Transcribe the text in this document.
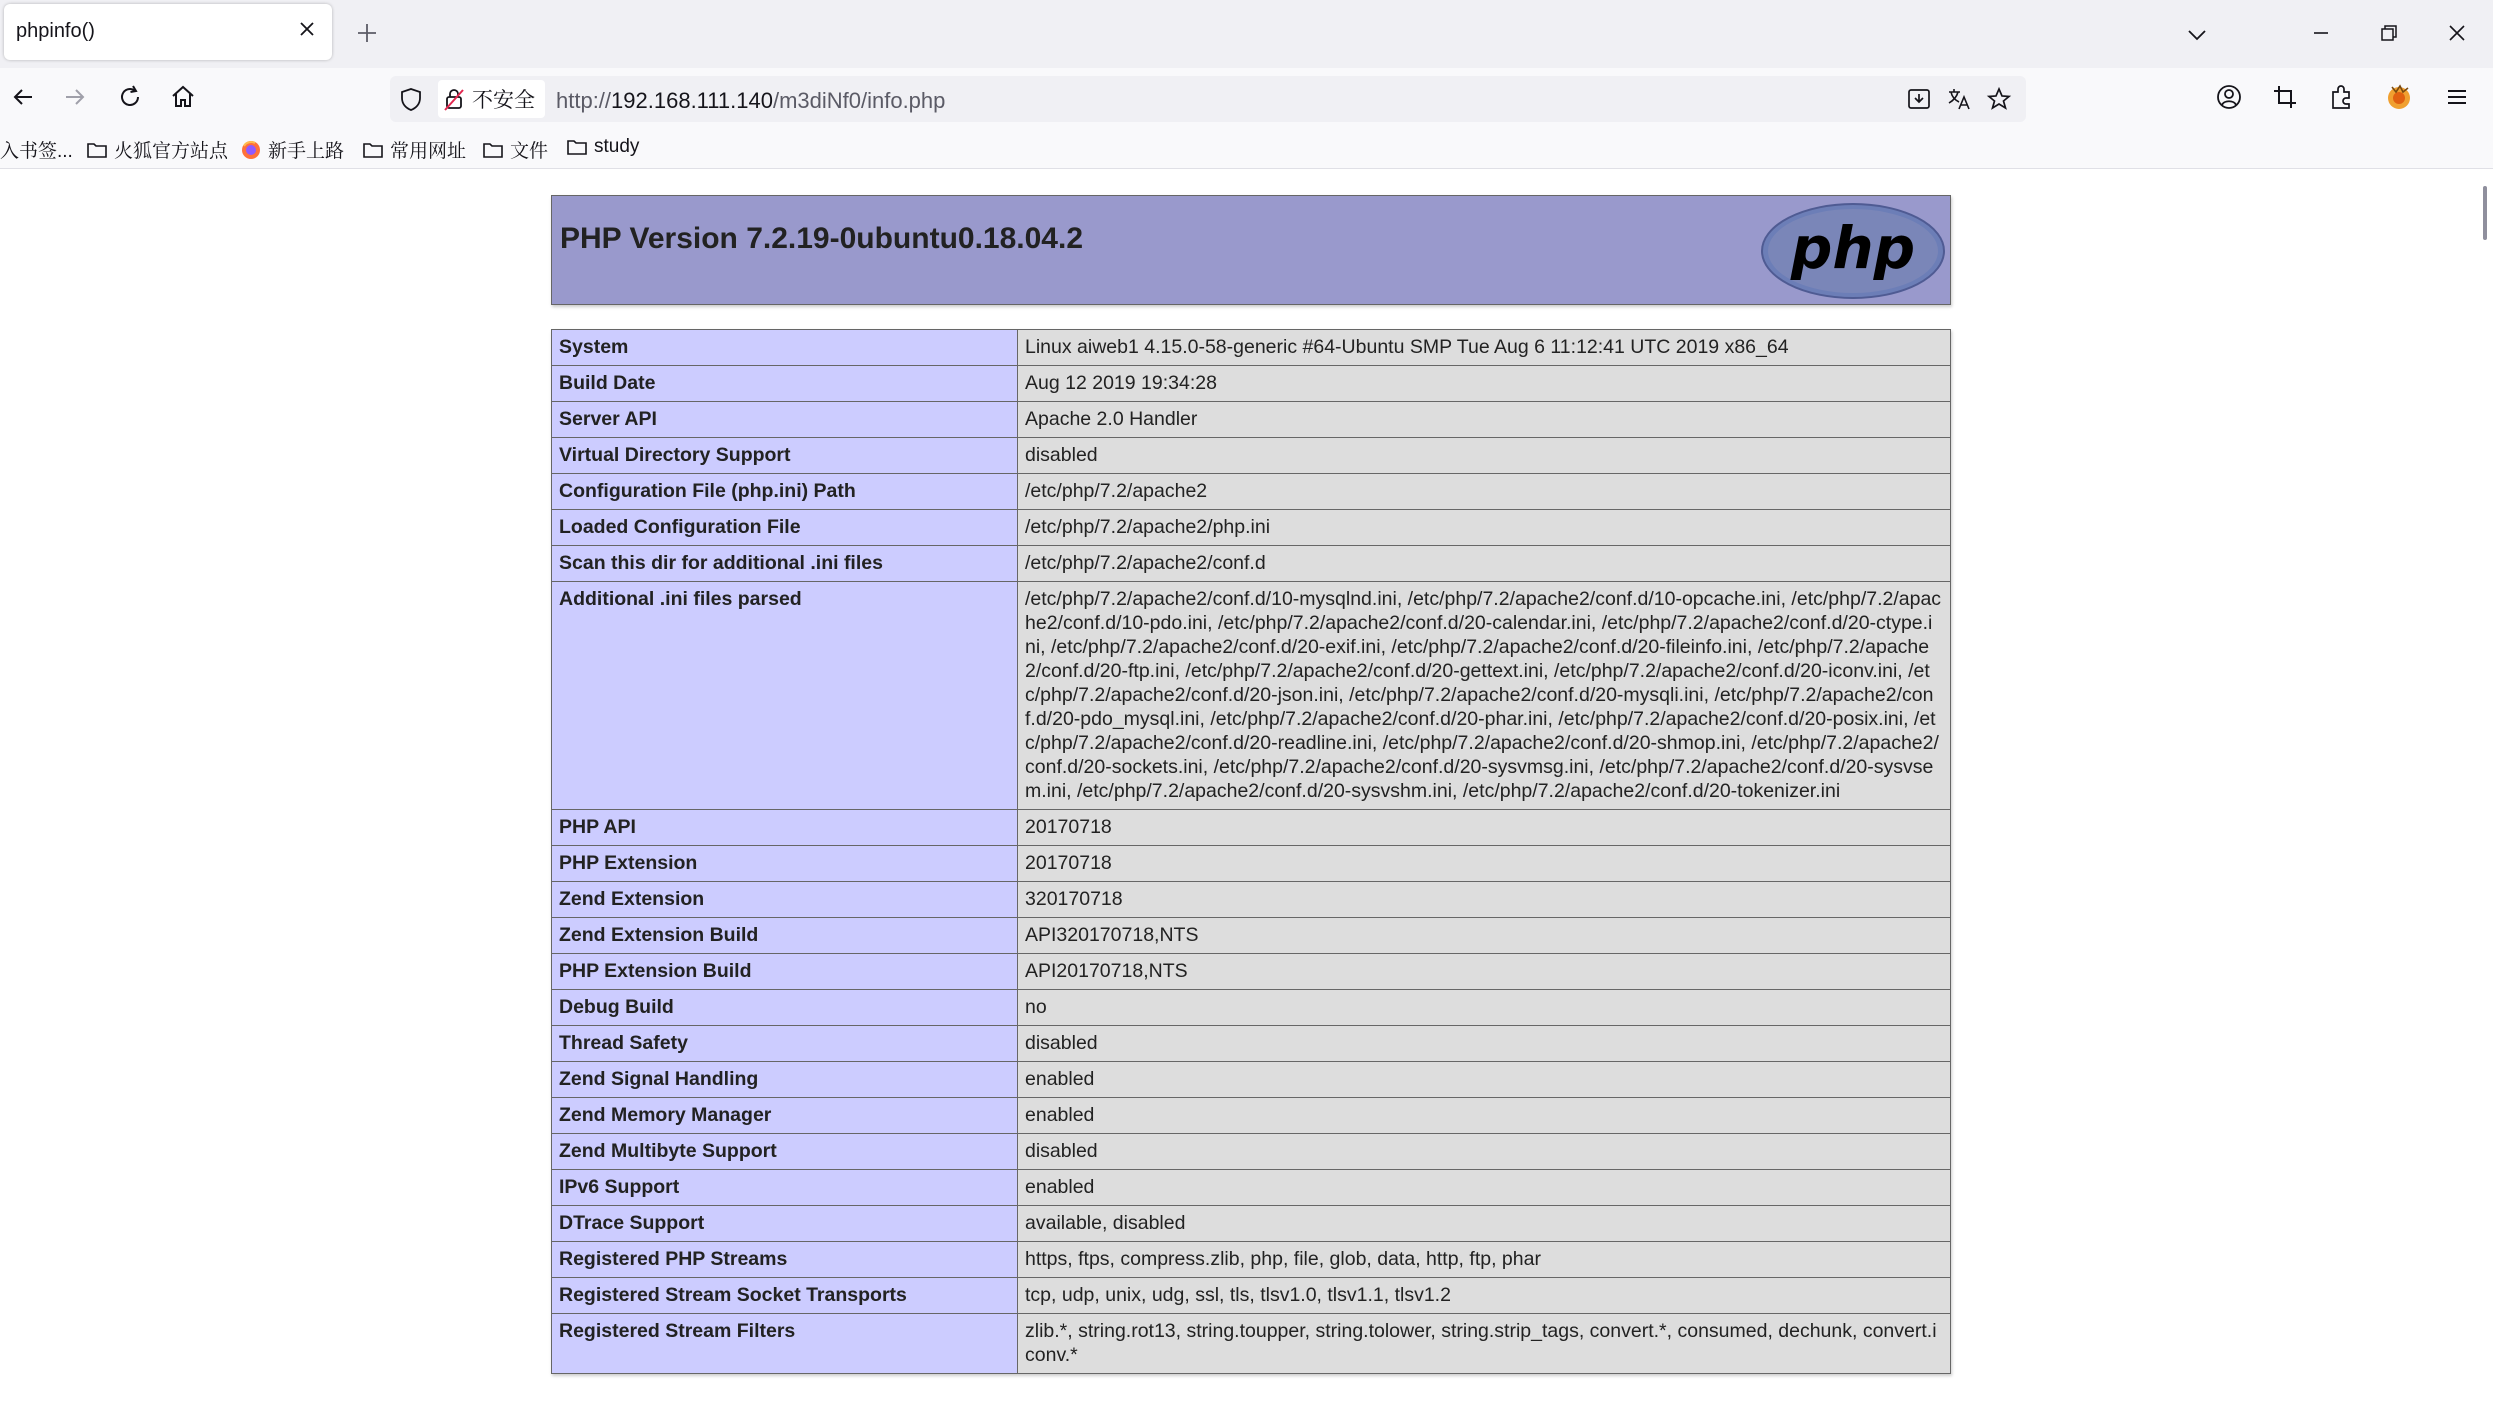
phpinfo()
不安全 http://192.168.111.140/m3diNf0/info.php
入书签... 火狐官方站点 新手上路 常用网址 文件 study
PHP Version 7.2.19-0ubuntu0.18.04.2	php
System	Linux aiweb1 4.15.0-58-generic #64-Ubuntu SMP Tue Aug 6 11:12:41 UTC 2019 x86_64
Build Date	Aug 12 2019 19:34:28
Server API	Apache 2.0 Handler
Virtual Directory Support	disabled
Configuration File (php.ini) Path	/etc/php/7.2/apache2
Loaded Configuration File	/etc/php/7.2/apache2/php.ini
Scan this dir for additional .ini files	/etc/php/7.2/apache2/conf.d
Additional .ini files parsed	/etc/php/7.2/apache2/conf.d/10-mysqlnd.ini, /etc/php/7.2/apache2/conf.d/10-opcache.ini, /etc/php/7.2/apache2/conf.d/10-pdo.ini, /etc/php/7.2/apache2/conf.d/20-calendar.ini, /etc/php/7.2/apache2/conf.d/20-ctype.ini, /etc/php/7.2/apache2/conf.d/20-exif.ini, /etc/php/7.2/apache2/conf.d/20-fileinfo.ini, /etc/php/7.2/apache2/conf.d/20-ftp.ini, /etc/php/7.2/apache2/conf.d/20-gettext.ini, /etc/php/7.2/apache2/conf.d/20-iconv.ini, /etc/php/7.2/apache2/conf.d/20-json.ini, /etc/php/7.2/apache2/conf.d/20-mysqli.ini, /etc/php/7.2/apache2/conf.d/20-pdo_mysql.ini, /etc/php/7.2/apache2/conf.d/20-phar.ini, /etc/php/7.2/apache2/conf.d/20-posix.ini, /etc/php/7.2/apache2/conf.d/20-readline.ini, /etc/php/7.2/apache2/conf.d/20-shmop.ini, /etc/php/7.2/apache2/conf.d/20-sockets.ini, /etc/php/7.2/apache2/conf.d/20-sysvmsg.ini, /etc/php/7.2/apache2/conf.d/20-sysvsem.ini, /etc/php/7.2/apache2/conf.d/20-sysvshm.ini, /etc/php/7.2/apache2/conf.d/20-tokenizer.ini
PHP API	20170718
PHP Extension	20170718
Zend Extension	320170718
Zend Extension Build	API320170718,NTS
PHP Extension Build	API20170718,NTS
Debug Build	no
Thread Safety	disabled
Zend Signal Handling	enabled
Zend Memory Manager	enabled
Zend Multibyte Support	disabled
IPv6 Support	enabled
DTrace Support	available, disabled
Registered PHP Streams	https, ftps, compress.zlib, php, file, glob, data, http, ftp, phar
Registered Stream Socket Transports	tcp, udp, unix, udg, ssl, tls, tlsv1.0, tlsv1.1, tlsv1.2
Registered Stream Filters	zlib.*, string.rot13, string.toupper, string.tolower, string.strip_tags, convert.*, consumed, dechunk, convert.iconv.*
